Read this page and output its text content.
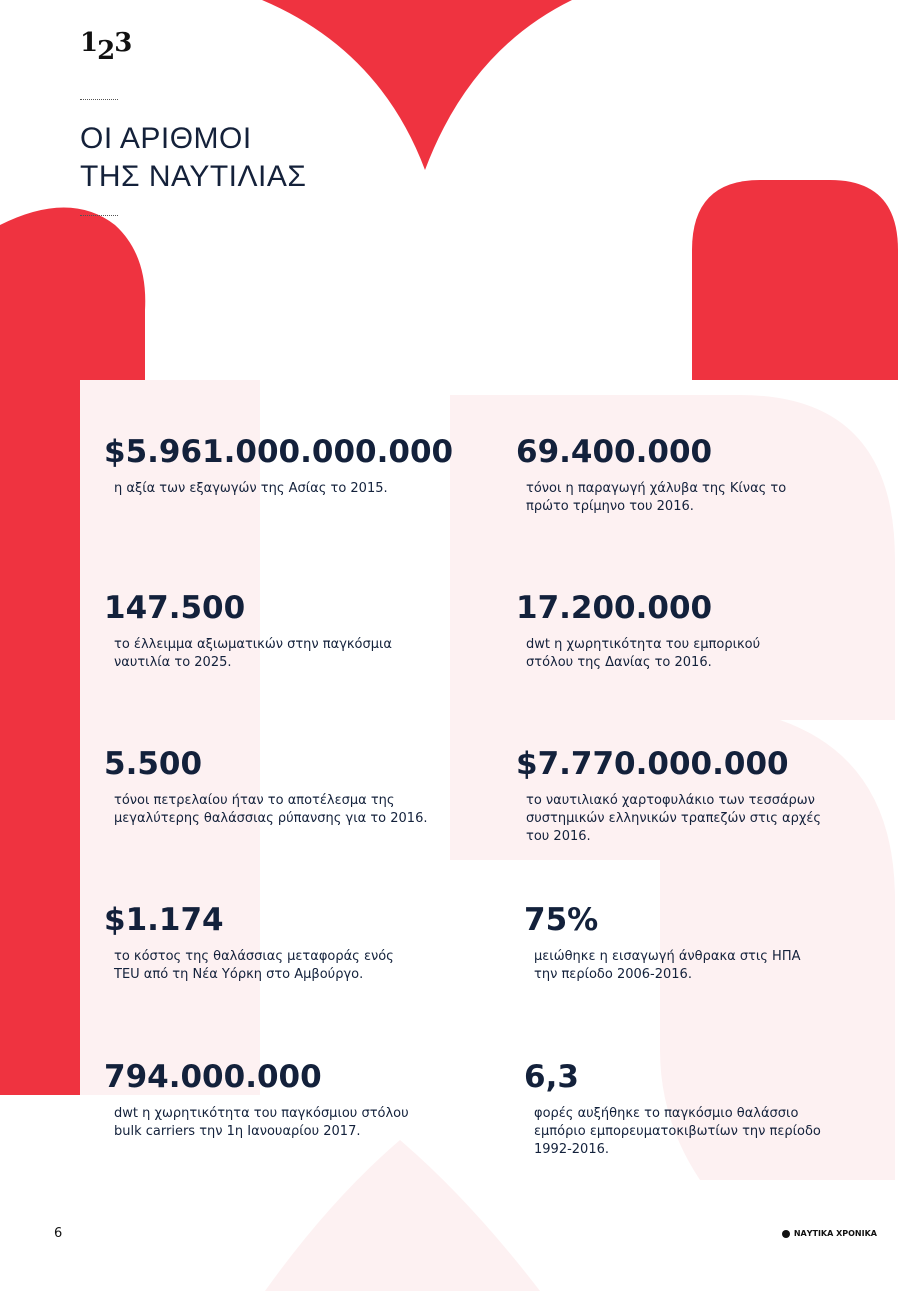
123
ΟΙ ΑΡΙΘΜΟΙ
ΤΗΣ ΝΑΥΤΙΛΙΑΣ
$5.961.000.000.000
η αξία των εξαγωγών της Ασίας το 2015.
69.400.000
τόνοι η παραγωγή χάλυβα της Κίνας το πρώτο τρίμηνο του 2016.
147.500
το έλλειμμα αξιωματικών στην παγκόσμια ναυτιλία το 2025.
17.200.000
dwt η χωρητικότητα του εμπορικού στόλου της Δανίας το 2016.
5.500
τόνοι πετρελαίου ήταν το αποτέλεσμα της μεγαλύτερης θαλάσσιας ρύπανσης για το 2016.
$7.770.000.000
το ναυτιλιακό χαρτοφυλάκιο των τεσσάρων συστημικών ελληνικών τραπεζών στις αρχές του 2016.
$1.174
το κόστος της θαλάσσιας μεταφοράς ενός TEU από τη Νέα Υόρκη στο Αμβούργο.
75%
μειώθηκε η εισαγωγή άνθρακα στις ΗΠΑ την περίοδο 2006-2016.
794.000.000
dwt η χωρητικότητα του παγκόσμιου στόλου bulk carriers την 1η Ιανουαρίου 2017.
6,3
φορές αυξήθηκε το παγκόσμιο θαλάσσιο εμπόριο εμπορευματοκιβωτίων την περίοδο 1992-2016.
6	ΝΑΥΤΙΚΑ ΧΡΟΝΙΚΑ
